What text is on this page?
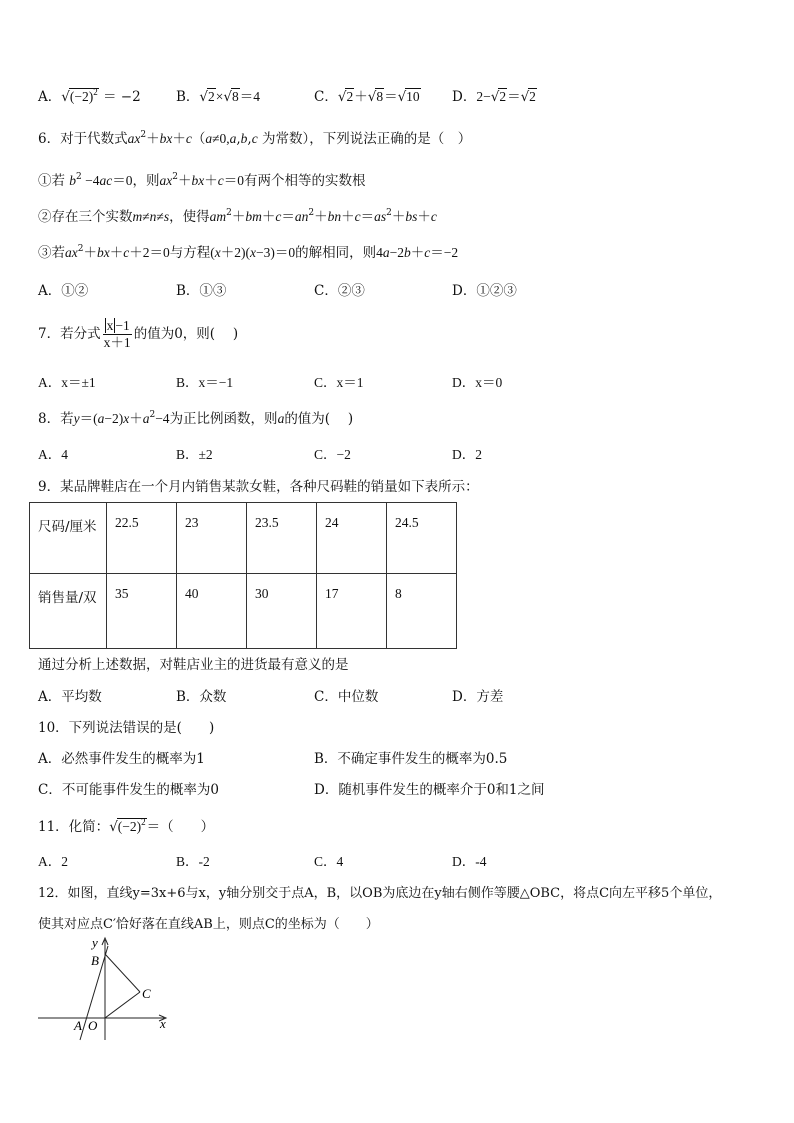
A．$√(-2)^2 = -2$	B．√2×√8＝4	C．√2＋√8＝√10 D．2−√2＝√2
6．对于代数式$ax^2+bx+c(a\ne 0,a,b,c$ 为常数），下列说法正确的是（　）
①若 $b^2 -4ac=0$，则$ax^2+bx+c=0$有两个相等的实数根
②存在三个实数m≠n≠s，使得$am^2+bm+c=an^2+bn+c=as^2+bs+c$
③若$ax^2+bx+c+2=0$与方程(x＋2)(x−3)＝0的解相同，则4a−2b＋c＝−2
A．①②	B．①③	C．②③	D．①②③
7．若分式 $\frac{x -1}{x+1}$ 的值为0，则(　 )
A．x＝±1	B．x＝−1	C．x＝1	D．x＝0
8．若$y=(a-2)x+a^2-4$为正比例函数，则a的值为(　 )
A．4	B．±2	C．−2	D．2
9．某品牌鞋店在一个月内销售某款女鞋，各种尺码鞋的销量如下表所示：
尺码/厘米	22.5	23	23.5	24	24.5
销售量/双	35	40	30	17	8
通过分析上述数据，对鞋店业主的进货最有意义的是
A．平均数	B．众数	C．中位数	D．方差
10．下列说法错误的是(　　)
A．必然事件发生的概率为1	B．不确定事件发生的概率为0.5
C．不可能事件发生的概率为0	D．随机事件发生的概率介于0和1之间
11．化简：$√(-2)^2=$（　　）
A．2	B．-2	C．4	D．-4
12．如图，直线y=3x+6与x，y轴分别交于点A，B，以OB为底边在y轴右侧作等腰△OBC，将点C向左平移5个单位，
使其对应点C′恰好落在直线AB上，则点C的坐标为（　　）
y
B
C
A O	x
